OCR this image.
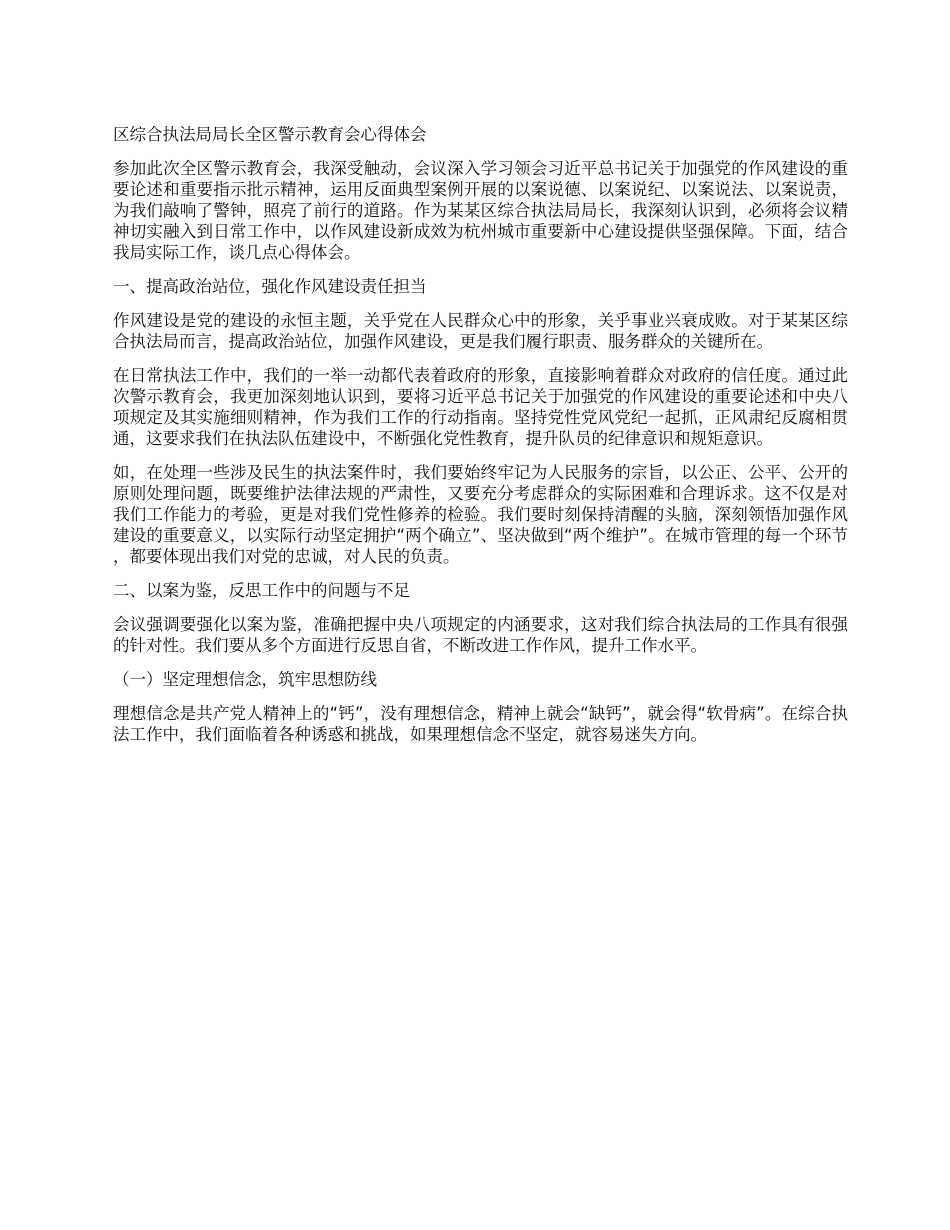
区综合执法局局长全区警示教育会心得体会
参加此次全区警示教育会，我深受触动，会议深入学习领会习近平总书记关于加强党的作风建设的重要论述和重要指示批示精神，运用反面典型案例开展的以案说德、以案说纪、以案说法、以案说责，为我们敲响了警钟，照亮了前行的道路。作为某某区综合执法局局长，我深刻认识到，必须将会议精神切实融入到日常工作中，以作风建设新成效为杭州城市重要新中心建设提供坚强保障。下面，结合我局实际工作，谈几点心得体会。
一、提高政治站位，强化作风建设责任担当
作风建设是党的建设的永恒主题，关乎党在人民群众心中的形象，关乎事业兴衰成败。对于某某区综合执法局而言，提高政治站位，加强作风建设，更是我们履行职责、服务群众的关键所在。
在日常执法工作中，我们的一举一动都代表着政府的形象，直接影响着群众对政府的信任度。通过此次警示教育会，我更加深刻地认识到，要将习近平总书记关于加强党的作风建设的重要论述和中央八项规定及其实施细则精神，作为我们工作的行动指南。坚持党性党风党纪一起抓，正风肃纪反腐相贯通，这要求我们在执法队伍建设中，不断强化党性教育，提升队员的纪律意识和规矩意识。
如，在处理一些涉及民生的执法案件时，我们要始终牢记为人民服务的宗旨，以公正、公平、公开的原则处理问题，既要维护法律法规的严肃性，又要充分考虑群众的实际困难和合理诉求。这不仅是对我们工作能力的考验，更是对我们党性修养的检验。我们要时刻保持清醒的头脑，深刻领悟加强作风建设的重要意义，以实际行动坚定拥护“两个确立”、坚决做到“两个维护”。在城市管理的每一个环节，都要体现出我们对党的忠诚，对人民的负责。
二、以案为鉴，反思工作中的问题与不足
会议强调要强化以案为鉴，准确把握中央八项规定的内涵要求，这对我们综合执法局的工作具有很强的针对性。我们要从多个方面进行反思自省，不断改进工作作风，提升工作水平。
（一）坚定理想信念，筑牢思想防线
理想信念是共产党人精神上的“钙”，没有理想信念，精神上就会“缺钙”，就会得“软骨病”。在综合执法工作中，我们面临着各种诱惑和挑战，如果理想信念不坚定，就容易迷失方向。
